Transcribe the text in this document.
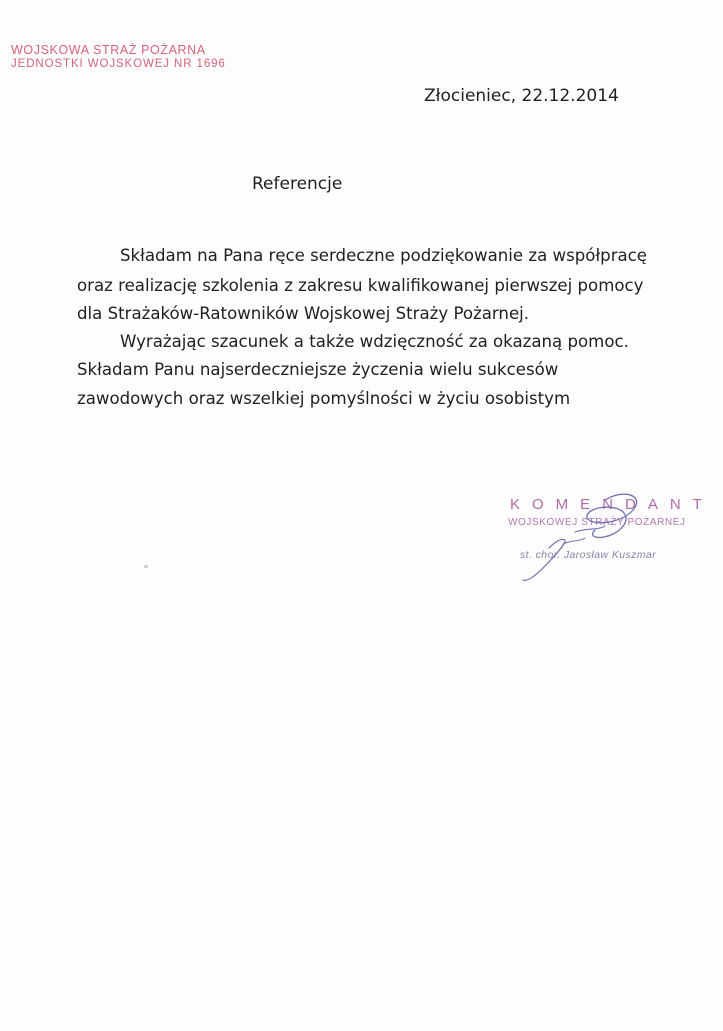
WOJSKOWA STRAŻ POŻARNA
JEDNOSTKI WOJSKOWEJ NR 1696
Złocieniec, 22.12.2014
Referencje
Składam na Pana ręce serdeczne podziękowanie za współpracę
oraz realizację szkolenia z zakresu kwalifikowanej pierwszej pomocy
dla Strażaków-Ratowników Wojskowej Straży Pożarnej.
Wyrażając szacunek a także wdzięczność za okazaną pomoc.
Składam Panu najserdeczniejsze życzenia wielu sukcesów
zawodowych oraz wszelkiej pomyślności w życiu osobistym
KOMENDANT
WOJSKOWEJ STRAŻY POŻARNEJ
st. chor. Jarosław Kuszmar
